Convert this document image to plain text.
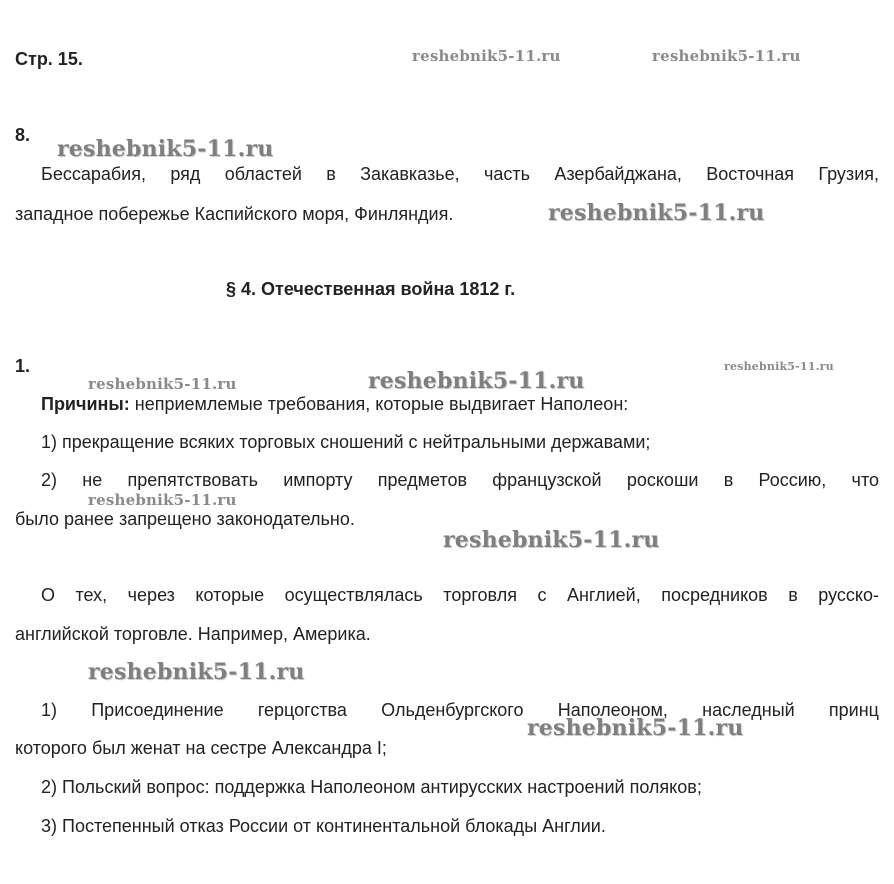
Стр. 15.
8.
Бессарабия, ряд областей в Закавказье, часть Азербайджана, Восточная Грузия,
западное побережье Каспийского моря, Финляндия.
§ 4. Отечественная война 1812 г.
1.
Причины: неприемлемые требования, которые выдвигает Наполеон:
1) прекращение всяких торговых сношений с нейтральными державами;
2) не препятствовать импорту предметов французской роскоши в Россию, что
было ранее запрещено законодательно.
О тех, через которые осуществлялась торговля с Англией, посредников в русско-
английской торговле. Например, Америка.
1) Присоединение герцогства Ольденбургского Наполеоном, наследный принц
которого был женат на сестре Александра I;
2) Польский вопрос: поддержка Наполеоном антирусских настроений поляков;
3) Постепенный отказ России от континентальной блокады Англии.
reshebnik5-11.ru	reshebnik5-11.ru
reshebnik5-11.ru
reshebnik5-11.ru
reshebnik5-11.ru
reshebnik5-11.ru	reshebnik5-11.ru
reshebnik5-11.ru
reshebnik5-11.ru
reshebnik5-11.ru
reshebnik5-11.ru
